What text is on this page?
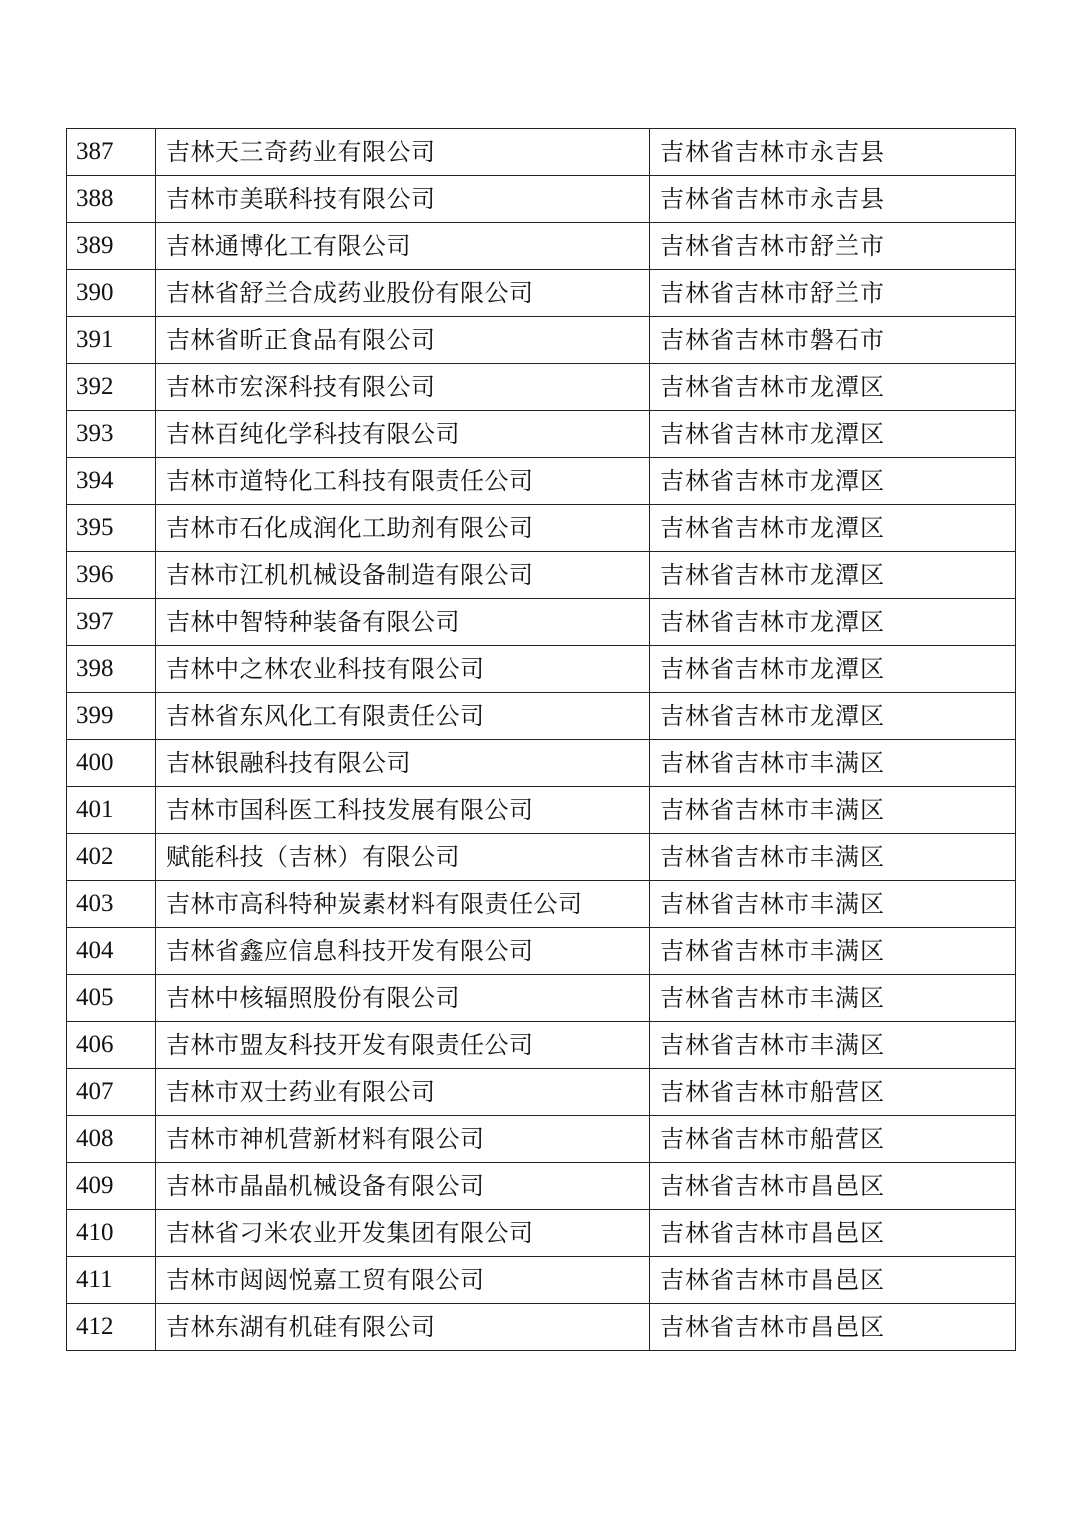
387	吉林天三奇药业有限公司	吉林省吉林市永吉县
388	吉林市美联科技有限公司	吉林省吉林市永吉县
389	吉林通博化工有限公司	吉林省吉林市舒兰市
390	吉林省舒兰合成药业股份有限公司	吉林省吉林市舒兰市
391	吉林省昕正食品有限公司	吉林省吉林市磐石市
392	吉林市宏深科技有限公司	吉林省吉林市龙潭区
393	吉林百纯化学科技有限公司	吉林省吉林市龙潭区
394	吉林市道特化工科技有限责任公司	吉林省吉林市龙潭区
395	吉林市石化成润化工助剂有限公司	吉林省吉林市龙潭区
396	吉林市江机机械设备制造有限公司	吉林省吉林市龙潭区
397	吉林中智特种装备有限公司	吉林省吉林市龙潭区
398	吉林中之林农业科技有限公司	吉林省吉林市龙潭区
399	吉林省东风化工有限责任公司	吉林省吉林市龙潭区
400	吉林银融科技有限公司	吉林省吉林市丰满区
401	吉林市国科医工科技发展有限公司	吉林省吉林市丰满区
402	赋能科技（吉林）有限公司	吉林省吉林市丰满区
403	吉林市高科特种炭素材料有限责任公司	吉林省吉林市丰满区
404	吉林省鑫应信息科技开发有限公司	吉林省吉林市丰满区
405	吉林中核辐照股份有限公司	吉林省吉林市丰满区
406	吉林市盟友科技开发有限责任公司	吉林省吉林市丰满区
407	吉林市双士药业有限公司	吉林省吉林市船营区
408	吉林市神机营新材料有限公司	吉林省吉林市船营区
409	吉林市晶晶机械设备有限公司	吉林省吉林市昌邑区
410	吉林省刁米农业开发集团有限公司	吉林省吉林市昌邑区
411	吉林市闼闼悦嘉工贸有限公司	吉林省吉林市昌邑区
412	吉林东湖有机硅有限公司	吉林省吉林市昌邑区
